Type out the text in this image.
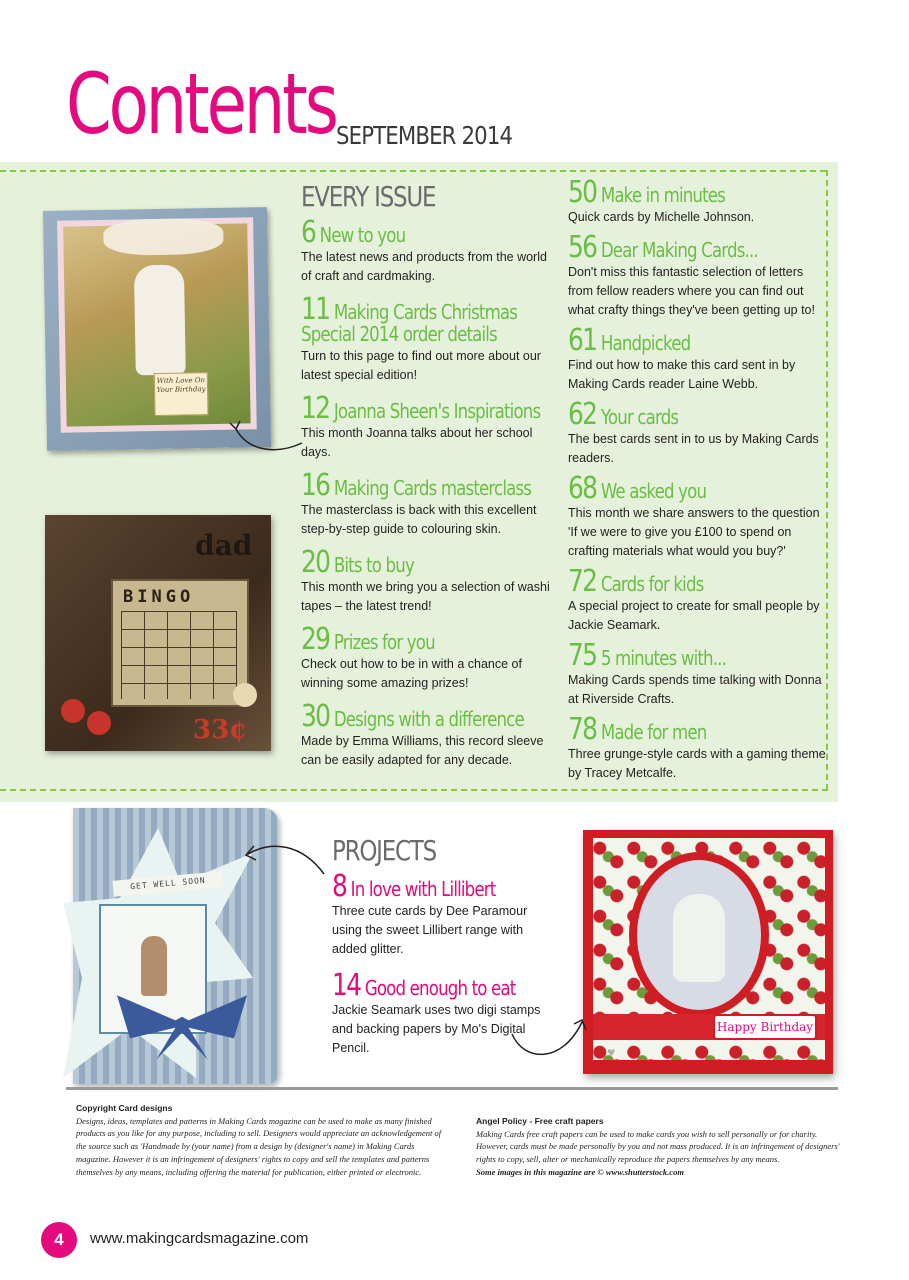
Contents SEPTEMBER 2014
With Love On Your Birthday
dad
BINGO
33¢
GET WELL SOON
Happy Birthday
♥
EVERY ISSUE
6 New to you

The latest news and products from the world of craft and cardmaking.

11 Making Cards Christmas Special 2014 order details

Turn to this page to find out more about our latest special edition!

12 Joanna Sheen's Inspirations

This month Joanna talks about her school days.

16 Making Cards masterclass

The masterclass is back with this excellent step-by-step guide to colouring skin.

20 Bits to buy

This month we bring you a selection of washi tapes – the latest trend!

29 Prizes for you

Check out how to be in with a chance of winning some amazing prizes!

30 Designs with a difference

Made by Emma Williams, this record sleeve can be easily adapted for any decade.

50 Make in minutes

Quick cards by Michelle Johnson.

56 Dear Making Cards...

Don't miss this fantastic selection of letters from fellow readers where you can find out what crafty things they've been getting up to!

61 Handpicked

Find out how to make this card sent in by Making Cards reader Laine Webb.

62 Your cards

The best cards sent in to us by Making Cards readers.

68 We asked you

This month we share answers to the question 'If we were to give you £100 to spend on crafting materials what would you buy?'

72 Cards for kids

A special project to create for small people by Jackie Seamark.

75 5 minutes with...

Making Cards spends time talking with Donna at Riverside Crafts.

78 Made for men

Three grunge-style cards with a gaming theme by Tracey Metcalfe.

PROJECTS
8 In love with Lillibert

Three cute cards by Dee Paramour using the sweet Lillibert range with added glitter.

14 Good enough to eat

Jackie Seamark uses two digi stamps and backing papers by Mo's Digital Pencil.

Copyright Card designs
Designs, ideas, templates and patterns in Making Cards magazine can be used to make as many finished products as you like for any purpose, including to sell. Designers would appreciate an acknowledgement of the source such as 'Handmade by (your name) from a design by (designer's name) in Making Cards magazine. However it is an infringement of designers' rights to copy and sell the templates and patterns themselves by any means, including offering the material for publication, either printed or electronic.
Angel Policy - Free craft papers
Making Cards free craft papers can be used to make cards you wish to sell personally or for charity. However, cards must be made personally by you and not mass produced. It is an infringement of designers' rights to copy, sell, alter or mechanically reproduce the papers themselves by any means.
Some images in this magazine are © www.shutterstock.com
4	www.makingcardsmagazine.com
